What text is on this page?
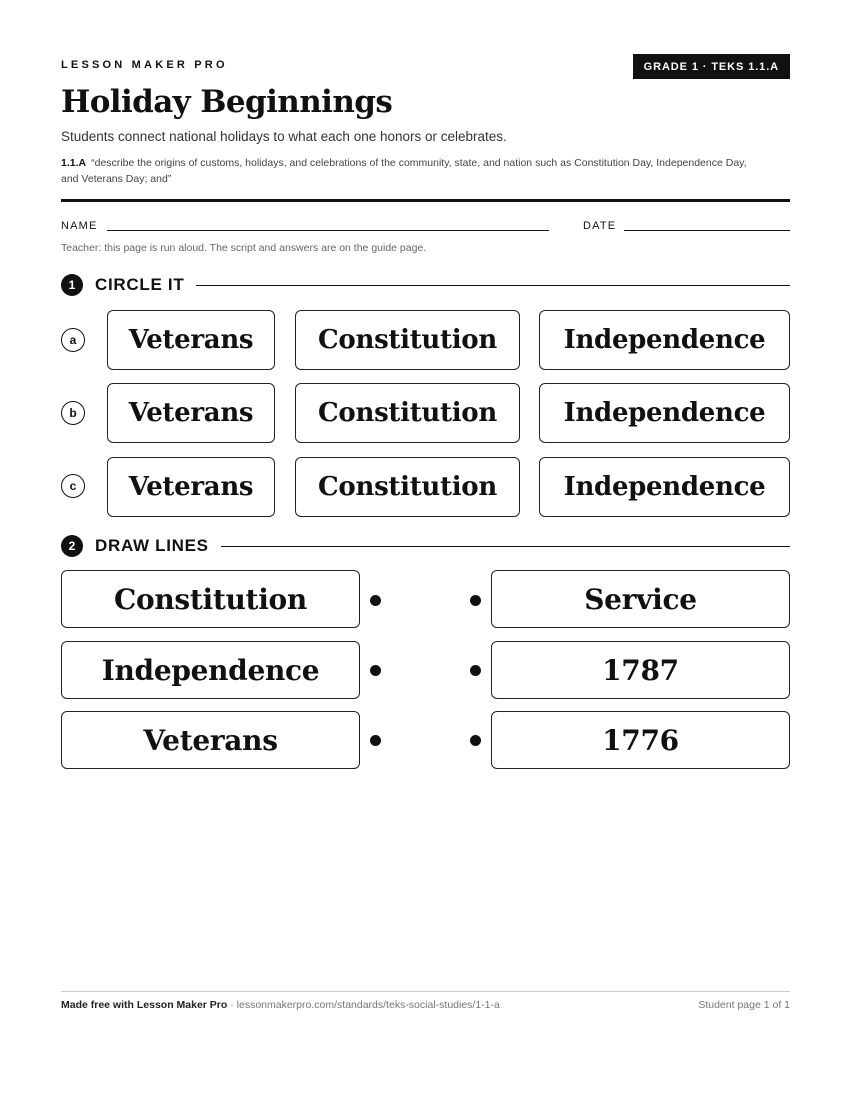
LESSON MAKER PRO	GRADE 1 · TEKS 1.1.A
Holiday Beginnings
Students connect national holidays to what each one honors or celebrates.
1.1.A “describe the origins of customs, holidays, and celebrations of the community, state, and nation such as Constitution Day, Independence Day, and Veterans Day; and”
NAME	DATE
Teacher: this page is run aloud. The script and answers are on the guide page.
1	CIRCLE IT
a	Veterans	Constitution	Independence
b	Veterans	Constitution	Independence
c	Veterans	Constitution	Independence
2	DRAW LINES
Constitution	Service
Independence	1787
Veterans	1776
Made free with Lesson Maker Pro · lessonmakerpro.com/standards/teks-social-studies/1-1-a	Student page 1 of 1
